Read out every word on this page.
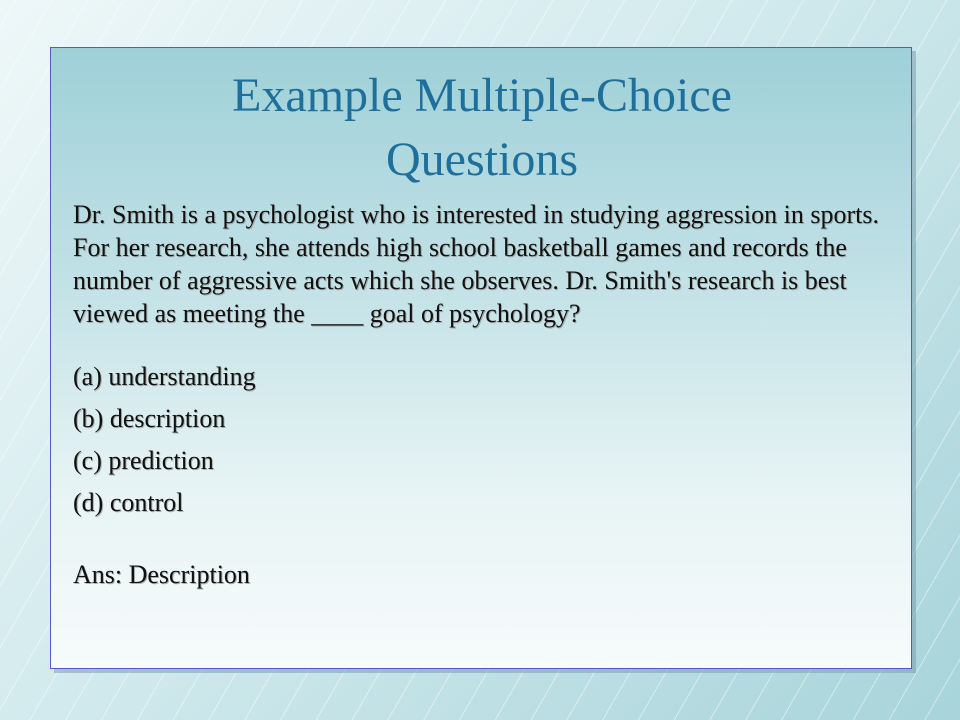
Example Multiple-Choice
Questions

Dr. Smith is a psychologist who is interested in studying aggression in sports. For her research, she attends high school basketball games and records the number of aggressive acts which she observes. Dr. Smith's research is best viewed as meeting the ____ goal of psychology?

(a) understanding
(b) description
(c) prediction
(d) control

Ans: Description
